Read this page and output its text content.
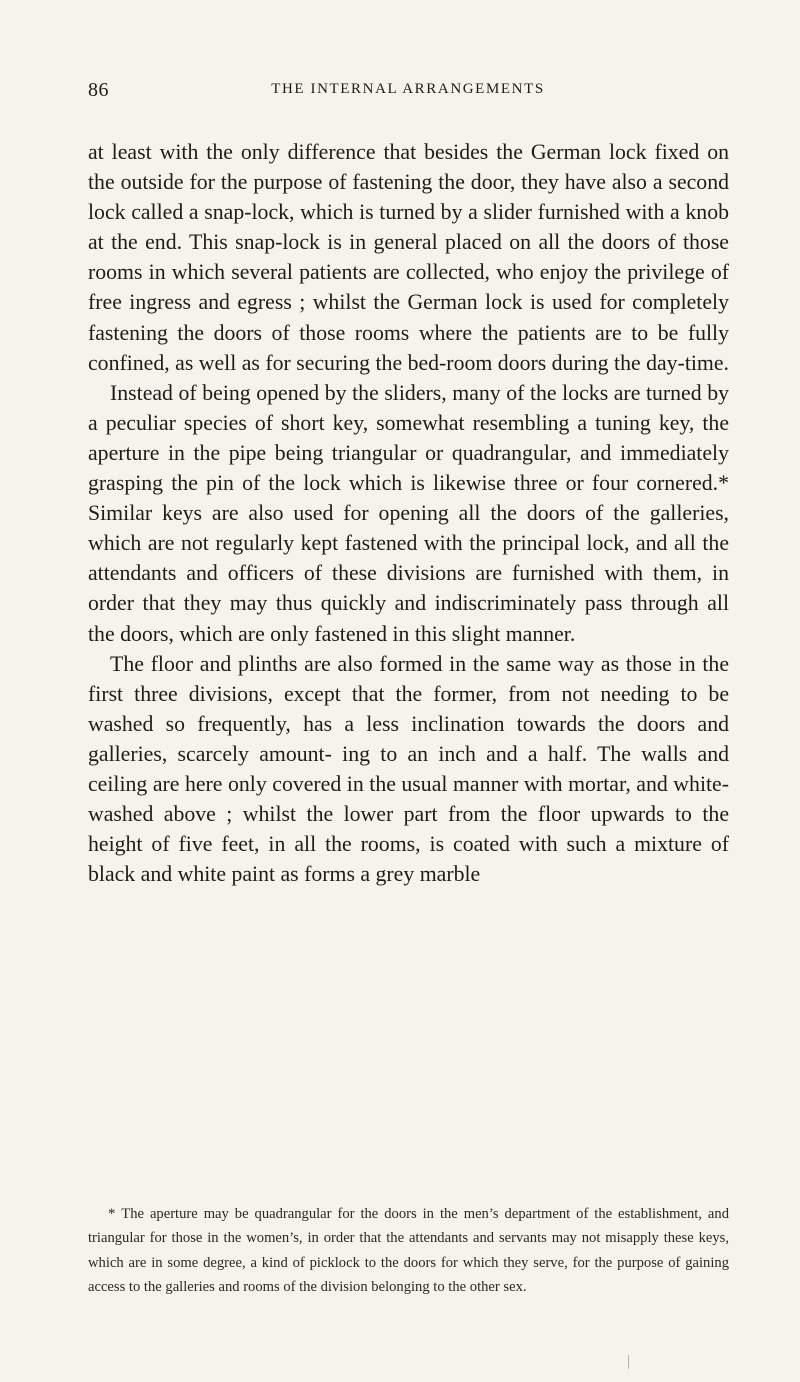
86	THE INTERNAL ARRANGEMENTS

at least with the only difference that besides the German lock fixed on the outside for the purpose of fastening the door, they have also a second lock called a snap-lock, which is turned by a slider furnished with a knob at the end. This snap-lock is in general placed on all the doors of those rooms in which several patients are collected, who enjoy the privilege of free ingress and egress ; whilst the German lock is used for completely fastening the doors of those rooms where the patients are to be fully confined, as well as for securing the bed-room doors during the day-time.

Instead of being opened by the sliders, many of the locks are turned by a peculiar species of short key, somewhat resembling a tuning key, the aperture in the pipe being triangular or quadrangular, and immediately grasping the pin of the lock which is likewise three or four cornered.* Similar keys are also used for opening all the doors of the galleries, which are not regularly kept fastened with the principal lock, and all the attendants and officers of these divisions are furnished with them, in order that they may thus quickly and indiscriminately pass through all the doors, which are only fastened in this slight manner.

The floor and plinths are also formed in the same way as those in the first three divisions, except that the former, from not needing to be washed so frequently, has a less inclination towards the doors and galleries, scarcely amount- ing to an inch and a half. The walls and ceiling are here only covered in the usual manner with mortar, and white- washed above ; whilst the lower part from the floor upwards to the height of five feet, in all the rooms, is coated with such a mixture of black and white paint as forms a grey marble

* The aperture may be quadrangular for the doors in the men’s department of the establishment, and triangular for those in the women’s, in order that the attendants and servants may not misapply these keys, which are in some degree, a kind of picklock to the doors for which they serve, for the purpose of gaining access to the galleries and rooms of the division belonging to the other sex.
